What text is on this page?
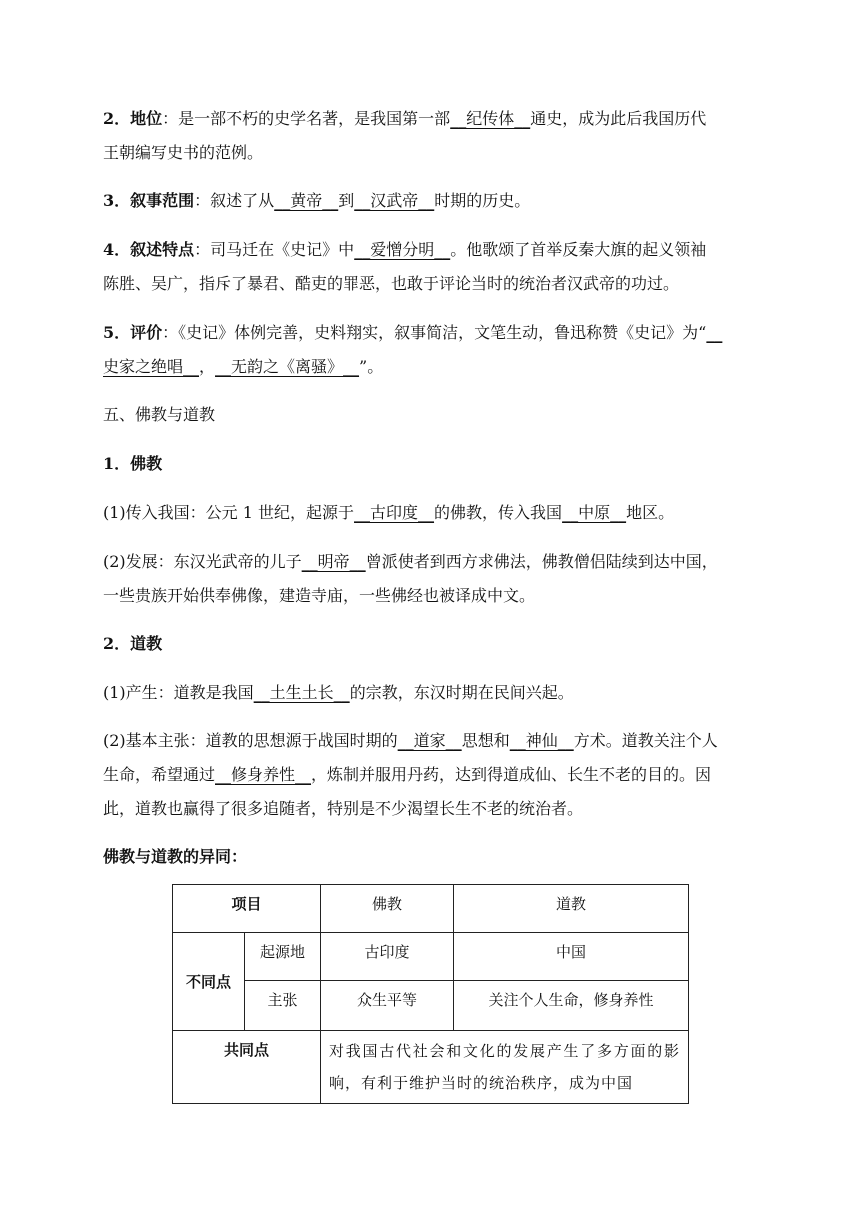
2．地位：是一部不朽的史学名著，是我国第一部__纪传体__通史，成为此后我国历代
王朝编写史书的范例。
3．叙事范围：叙述了从__黄帝__到__汉武帝__时期的历史。
4．叙述特点：司马迁在《史记》中__爱憎分明__。他歌颂了首举反秦大旗的起义领袖
陈胜、吴广，指斥了暴君、酷吏的罪恶，也敢于评论当时的统治者汉武帝的功过。
5．评价：《史记》体例完善，史料翔实，叙事简洁，文笔生动，鲁迅称赞《史记》为“__
史家之绝唱__，__无韵之《离骚》__”。
五、佛教与道教
1．佛教
(1)传入我国：公元 1 世纪，起源于__古印度__的佛教，传入我国__中原__地区。
(2)发展：东汉光武帝的儿子__明帝__曾派使者到西方求佛法，佛教僧侣陆续到达中国，
一些贵族开始供奉佛像，建造寺庙，一些佛经也被译成中文。
2．道教
(1)产生：道教是我国__土生土长__的宗教，东汉时期在民间兴起。
(2)基本主张：道教的思想源于战国时期的__道家__思想和__神仙__方术。道教关注个人
生命，希望通过__修身养性__，炼制并服用丹药，达到得道成仙、长生不老的目的。因
此，道教也赢得了很多追随者，特别是不少渴望长生不老的统治者。
佛教与道教的异同：
项目		佛教	道教
不同点	起源地	古印度	中国
	主张	众生平等	关注个人生命，修身养性
共同点		对我国古代社会和文化的发展产生了多方面的影响，有利于维护当时的统治秩序，成为中国	
